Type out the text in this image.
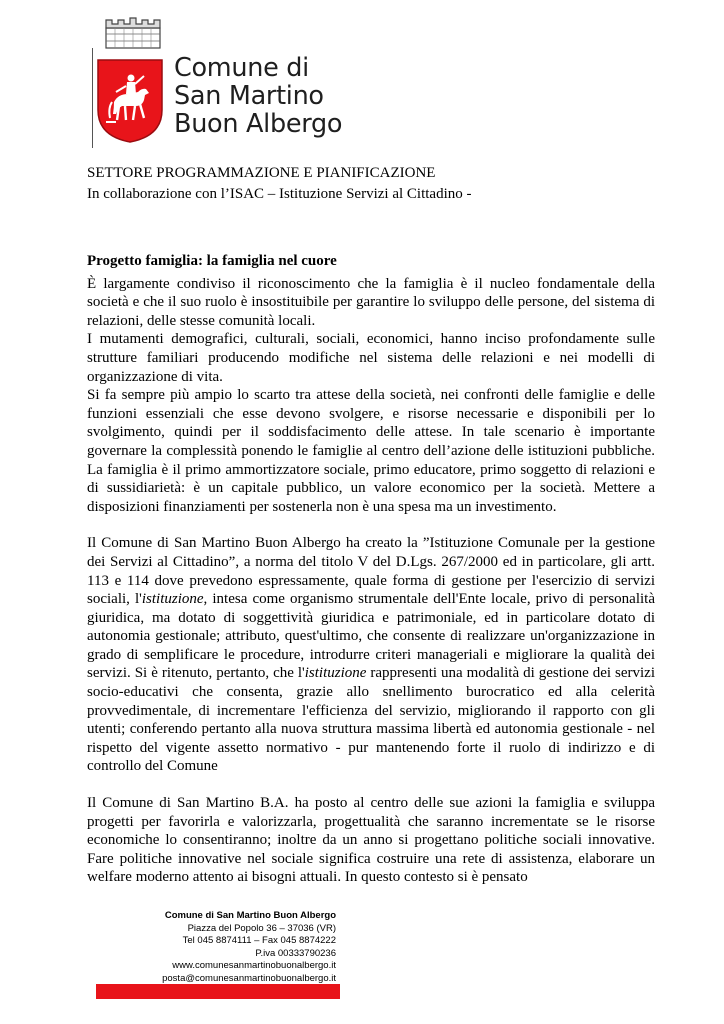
Comune di
San Martino
Buon Albergo

SETTORE PROGRAMMAZIONE E PIANIFICAZIONE

In collaborazione con l’ISAC – Istituzione Servizi al Cittadino -

Progetto famiglia: la famiglia nel cuore

È largamente condiviso il riconoscimento che la famiglia è il nucleo fondamentale della società e che il suo ruolo è insostituibile per garantire lo sviluppo delle persone, del sistema di relazioni, delle stesse comunità locali.

I mutamenti demografici, culturali, sociali, economici, hanno inciso profondamente sulle strutture familiari producendo modifiche nel sistema delle relazioni e nei modelli di organizzazione di vita.

Si fa sempre più ampio lo scarto tra attese della società, nei confronti delle famiglie e delle funzioni essenziali che esse devono svolgere, e risorse necessarie e disponibili per lo svolgimento, quindi per il soddisfacimento delle attese. In tale scenario è importante governare la complessità ponendo le famiglie al centro dell’azione delle istituzioni pubbliche. La famiglia è il primo ammortizzatore sociale, primo educatore, primo soggetto di relazioni e di sussidiarietà: è un capitale pubblico, un valore economico per la società. Mettere a disposizioni finanziamenti per sostenerla non è una spesa ma un investimento.

Il Comune di San Martino Buon Albergo ha creato la ”Istituzione Comunale per la gestione dei Servizi al Cittadino”, a norma del titolo V del D.Lgs. 267/2000 ed in particolare, gli artt. 113 e 114 dove prevedono espressamente, quale forma di gestione per l'esercizio di servizi sociali, l'istituzione, intesa come organismo strumentale dell'Ente locale, privo di personalità giuridica, ma dotato di soggettività giuridica e patrimoniale, ed in particolare dotato di autonomia gestionale; attributo, quest'ultimo, che consente di realizzare un'organizzazione in grado di semplificare le procedure, introdurre criteri manageriali e migliorare la qualità dei servizi. Si è ritenuto, pertanto, che l'istituzione rappresenti una modalità di gestione dei servizi socio-educativi che consenta, grazie allo snellimento burocratico ed alla celerità provvedimentale, di incrementare l'efficienza del servizio, migliorando il rapporto con gli utenti; conferendo pertanto alla nuova struttura massima libertà ed autonomia gestionale - nel rispetto del vigente assetto normativo - pur mantenendo forte il ruolo di indirizzo e di controllo del Comune

Il Comune di San Martino B.A. ha posto al centro delle sue azioni la famiglia e sviluppa progetti per favorirla e valorizzarla, progettualità che saranno incrementate se le risorse economiche lo consentiranno; inoltre da un anno si progettano politiche sociali innovative. Fare politiche innovative nel sociale significa costruire una rete di assistenza, elaborare un welfare moderno attento ai bisogni attuali. In questo contesto si è pensato

Comune di San Martino Buon Albergo
Piazza del Popolo 36 – 37036 (VR)
Tel 045 8874111 – Fax 045 8874222
P.iva 00333790236
www.comunesanmartinobuonalbergo.it
posta@comunesanmartinobuonalbergo.it
